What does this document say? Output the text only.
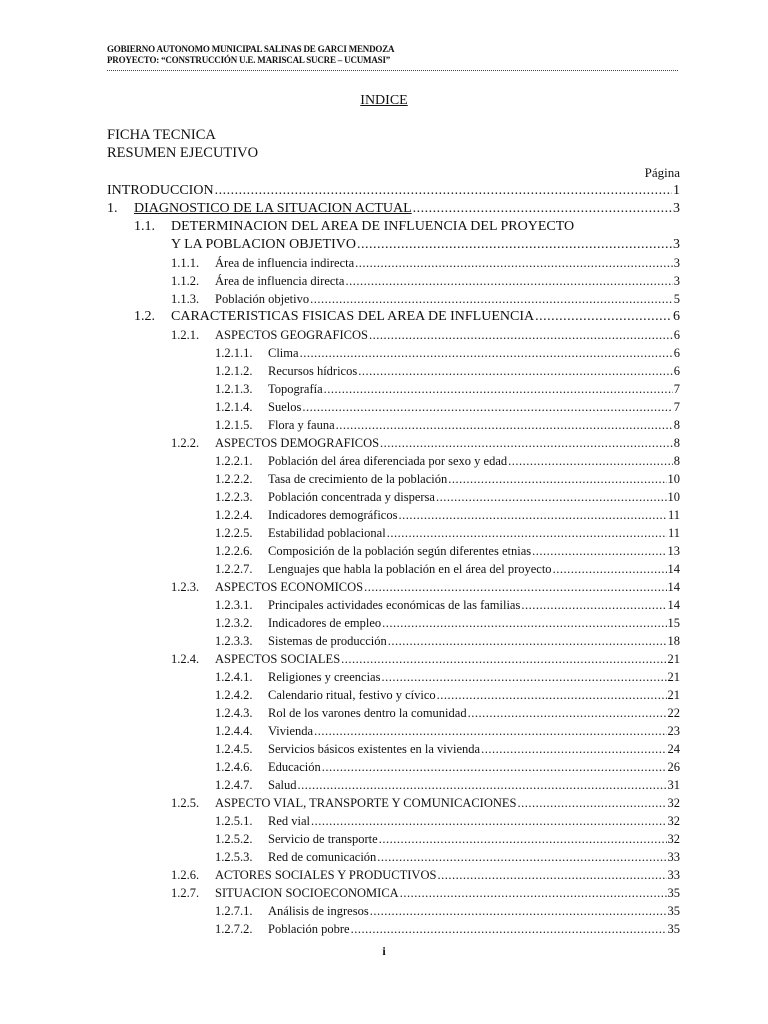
GOBIERNO AUTONOMO MUNICIPAL SALINAS DE GARCI MENDOZA
PROYECTO: “CONSTRUCCIÓN U.E. MARISCAL SUCRE – UCUMASI”
INDICE
FICHA TECNICA
RESUMEN EJECUTIVO
Página
INTRODUCCION .....	1
1.	DIAGNOSTICO DE LA SITUACION ACTUAL .....	3
1.1.	DETERMINACION DEL AREA DE INFLUENCIA DEL PROYECTO
Y LA POBLACION OBJETIVO .....	3
1.1.1.	Área de influencia indirecta .....	3
1.1.2.	Área de influencia directa .....	3
1.1.3.	Población objetivo .....	5
1.2.	CARACTERISTICAS FISICAS DEL AREA DE INFLUENCIA .....	6
1.2.1.	ASPECTOS GEOGRAFICOS .....	6
1.2.1.1.	Clima .....	6
1.2.1.2.	Recursos hídricos .....	6
1.2.1.3.	Topografía .....	7
1.2.1.4.	Suelos .....	7
1.2.1.5.	Flora y fauna .....	8
1.2.2.	ASPECTOS DEMOGRAFICOS .....	8
1.2.2.1.	Población del área diferenciada por sexo y edad .....	8
1.2.2.2.	Tasa de crecimiento de la población .....	10
1.2.2.3.	Población concentrada y dispersa .....	10
1.2.2.4.	Indicadores demográficos .....	11
1.2.2.5.	Estabilidad poblacional .....	11
1.2.2.6.	Composición de la población según diferentes etnias .....	13
1.2.2.7.	Lenguajes que habla la población en el área del proyecto .....	14
1.2.3.	ASPECTOS ECONOMICOS .....	14
1.2.3.1.	Principales actividades económicas de las familias .....	14
1.2.3.2.	Indicadores de empleo .....	15
1.2.3.3.	Sistemas de producción .....	18
1.2.4.	ASPECTOS SOCIALES .....	21
1.2.4.1.	Religiones y creencias .....	21
1.2.4.2.	Calendario ritual, festivo y cívico .....	21
1.2.4.3.	Rol de los varones dentro la comunidad .....	22
1.2.4.4.	Vivienda .....	23
1.2.4.5.	Servicios básicos existentes en la vivienda .....	24
1.2.4.6.	Educación .....	26
1.2.4.7.	Salud .....	31
1.2.5.	ASPECTO VIAL, TRANSPORTE Y COMUNICACIONES .....	32
1.2.5.1.	Red vial .....	32
1.2.5.2.	Servicio de transporte .....	32
1.2.5.3.	Red de comunicación .....	33
1.2.6.	ACTORES SOCIALES Y PRODUCTIVOS .....	33
1.2.7.	SITUACION SOCIOECONOMICA .....	35
1.2.7.1.	Análisis de ingresos .....	35
1.2.7.2.	Población pobre .....	35
i
